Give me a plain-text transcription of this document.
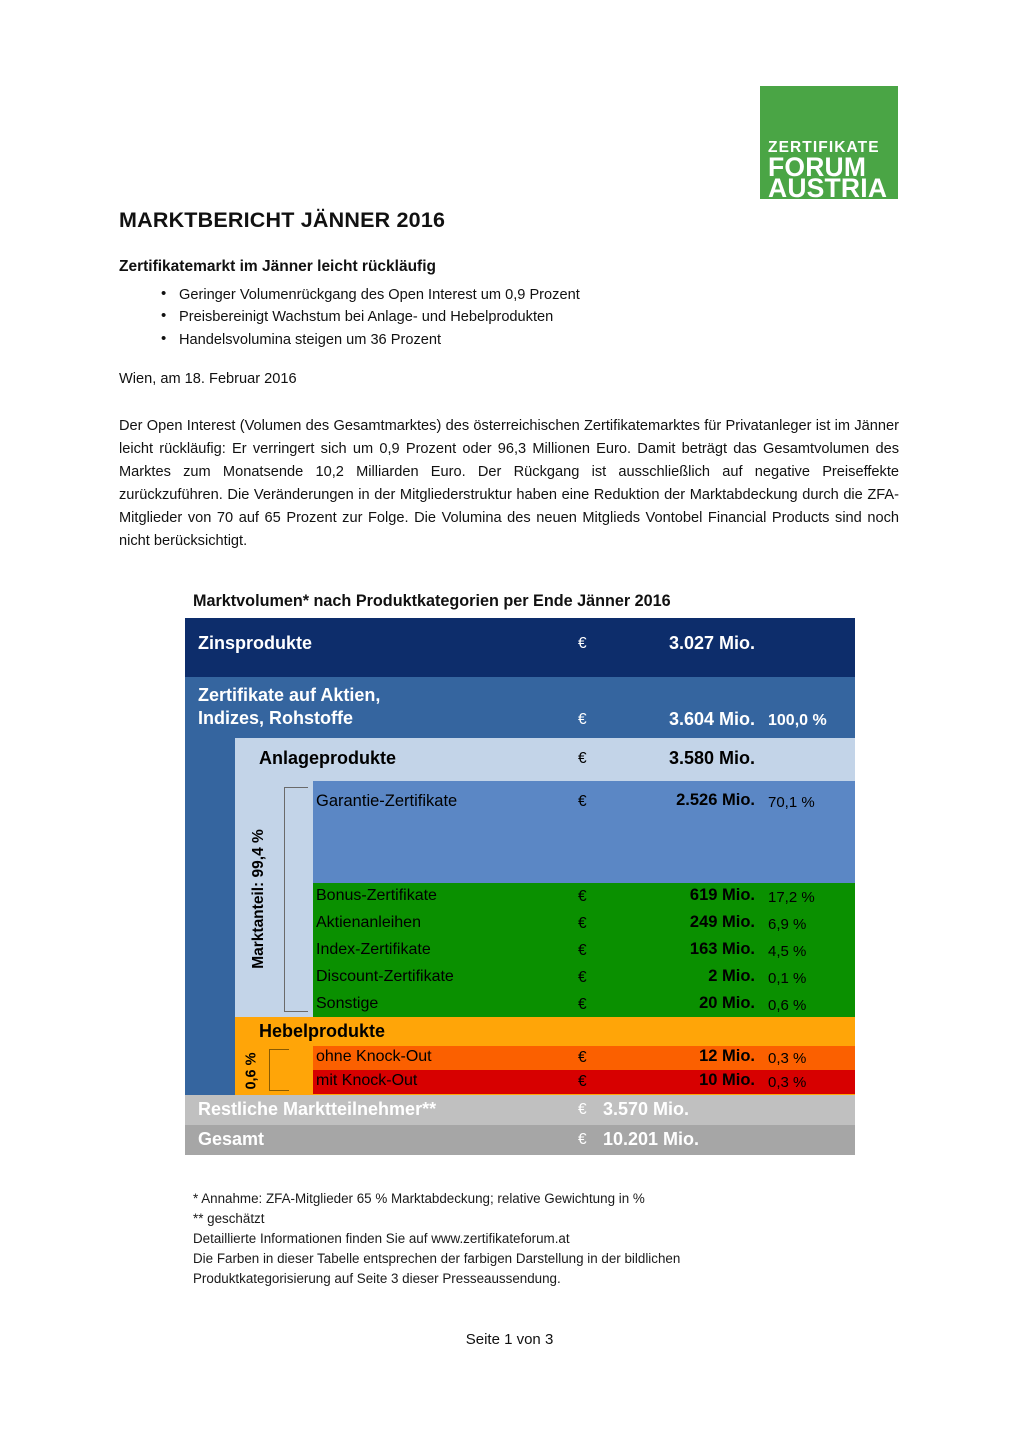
ZERTIFIKATE
FORUM
AUSTRIA
MARKTBERICHT JÄNNER 2016
Zertifikatemarkt im Jänner leicht rückläufig
• Geringer Volumenrückgang des Open Interest um 0,9 Prozent
• Preisbereinigt Wachstum bei Anlage- und Hebelprodukten
• Handelsvolumina steigen um 36 Prozent
Wien, am 18. Februar 2016
Der Open Interest (Volumen des Gesamtmarktes) des österreichischen Zertifikatemarktes für Privatanleger ist im Jänner leicht rückläufig: Er verringert sich um 0,9 Prozent oder 96,3 Millionen Euro. Damit beträgt das Gesamtvolumen des Marktes zum Monatsende 10,2 Milliarden Euro. Der Rückgang ist ausschließlich auf negative Preiseffekte zurückzuführen. Die Veränderungen in der Mitgliederstruktur haben eine Reduktion der Marktabdeckung durch die ZFA-Mitglieder von 70 auf 65 Prozent zur Folge. Die Volumina des neuen Mitglieds Vontobel Financial Products sind noch nicht berücksichtigt.
Marktvolumen* nach Produktkategorien per Ende Jänner 2016
Zinsprodukte	€	3.027 Mio.
Zertifikate auf Aktien,
Indizes, Rohstoffe	€	3.604 Mio. 100,0 %
Marktanteil: 99,4 %
Anlageprodukte	€	3.580 Mio.
Garantie-Zertifikate	€	2.526 Mio. 70,1 %
Bonus-Zertifikate	€	619 Mio. 17,2 %
Aktienanleihen	€	249 Mio. 6,9 %
Index-Zertifikate	€	163 Mio. 4,5 %
Discount-Zertifikate	€	2 Mio. 0,1 %
Sonstige	€	20 Mio. 0,6 %
Hebelprodukte
0,6 %	ohne Knock-Out	€	12 Mio. 0,3 %
mit Knock-Out	€	10 Mio. 0,3 %
Restliche Marktteilnehmer**	€ 3.570 Mio.
Gesamt	€ 10.201 Mio.
* Annahme: ZFA-Mitglieder 65 % Marktabdeckung; relative Gewichtung in %
** geschätzt
Detaillierte Informationen finden Sie auf www.zertifikateforum.at
Die Farben in dieser Tabelle entsprechen der farbigen Darstellung in der bildlichen
Produktkategorisierung auf Seite 3 dieser Presseaussendung.
Seite 1 von 3
